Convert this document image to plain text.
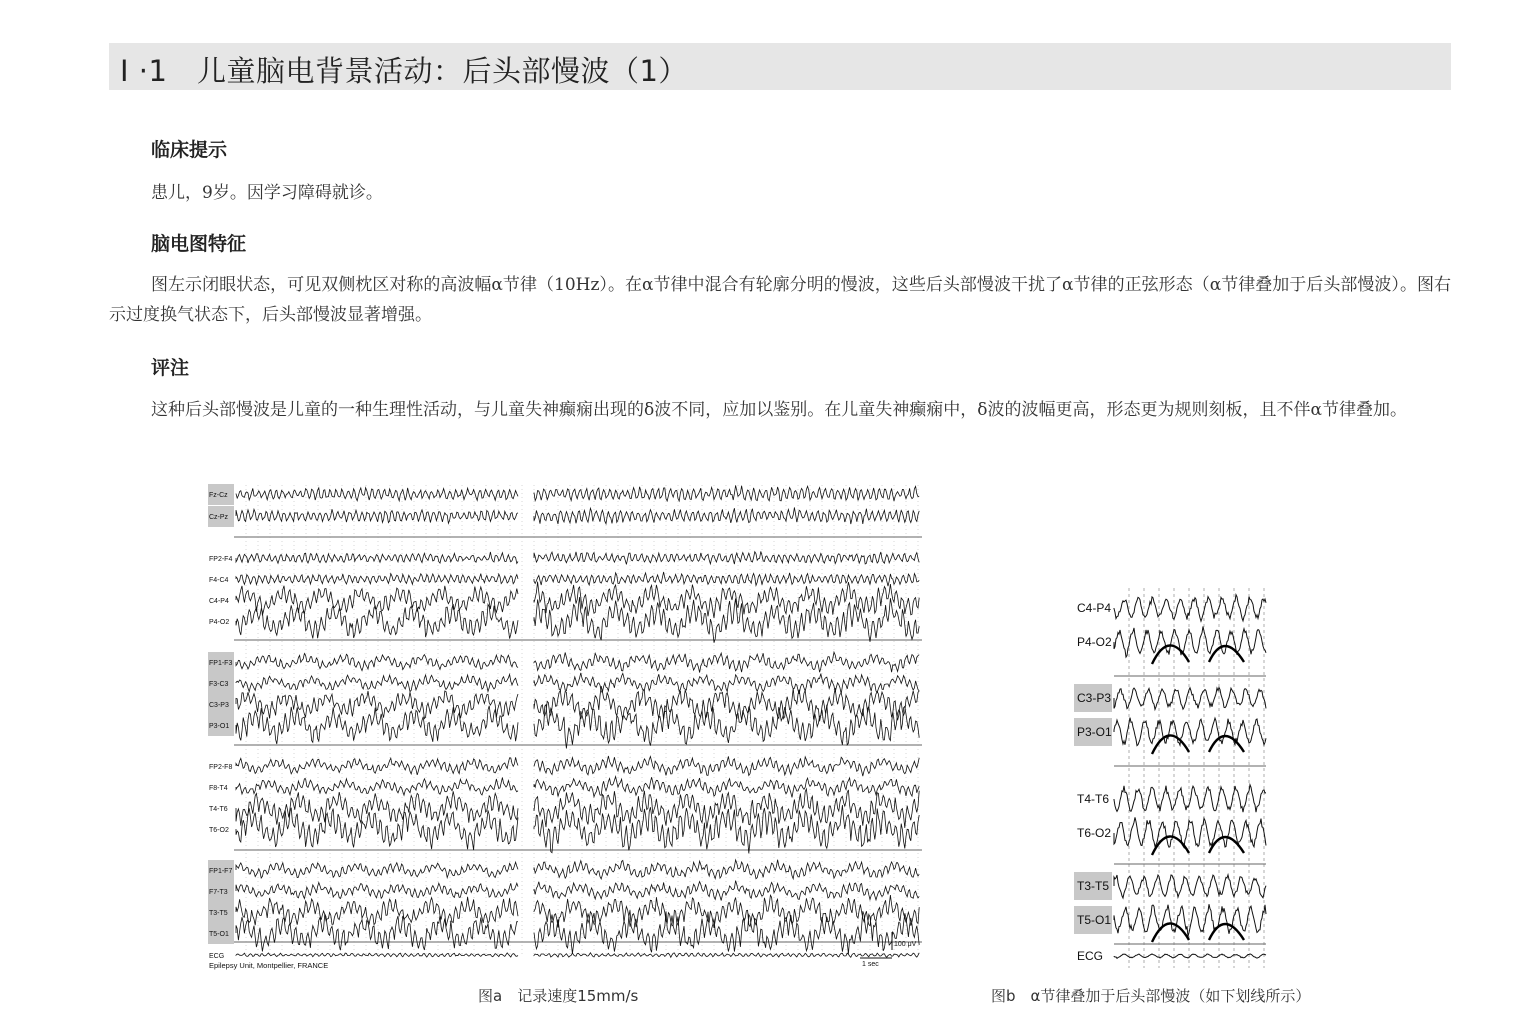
Ⅰ ·1　儿童脑电背景活动：后头部慢波（1）
临床提示
患儿，9岁。因学习障碍就诊。
脑电图特征
图左示闭眼状态，可见双侧枕区对称的高波幅α节律（10Hz）。在α节律中混合有轮廓分明的慢波，这些后头部慢波干扰了α节律的正弦形态（α节律叠加于后头部慢波）。图右示过度换气状态下，后头部慢波显著增强。
评注
这种后头部慢波是儿童的一种生理性活动，与儿童失神癫痫出现的δ波不同，应加以鉴别。在儿童失神癫痫中，δ波的波幅更高，形态更为规则刻板，且不伴α节律叠加。
Fz-Cz
Cz-Pz
FP2-F4
F4-C4
C4-P4
P4-O2
FP1-F3
F3-C3
C3-P3
P3-O1
FP2-F8
F8-T4
T4-T6
T6-O2
FP1-F7
F7-T3
T3-T5
T5-O1
ECG
Epilepsy Unit, Montpellier, FRANCE
100 μV
1 sec
图a　记录速度15mm/s
C4-P4
P4-O2
C3-P3
P3-O1
T4-T6
T6-O2
T3-T5
T5-O1
ECG
图b　α节律叠加于后头部慢波（如下划线所示）
